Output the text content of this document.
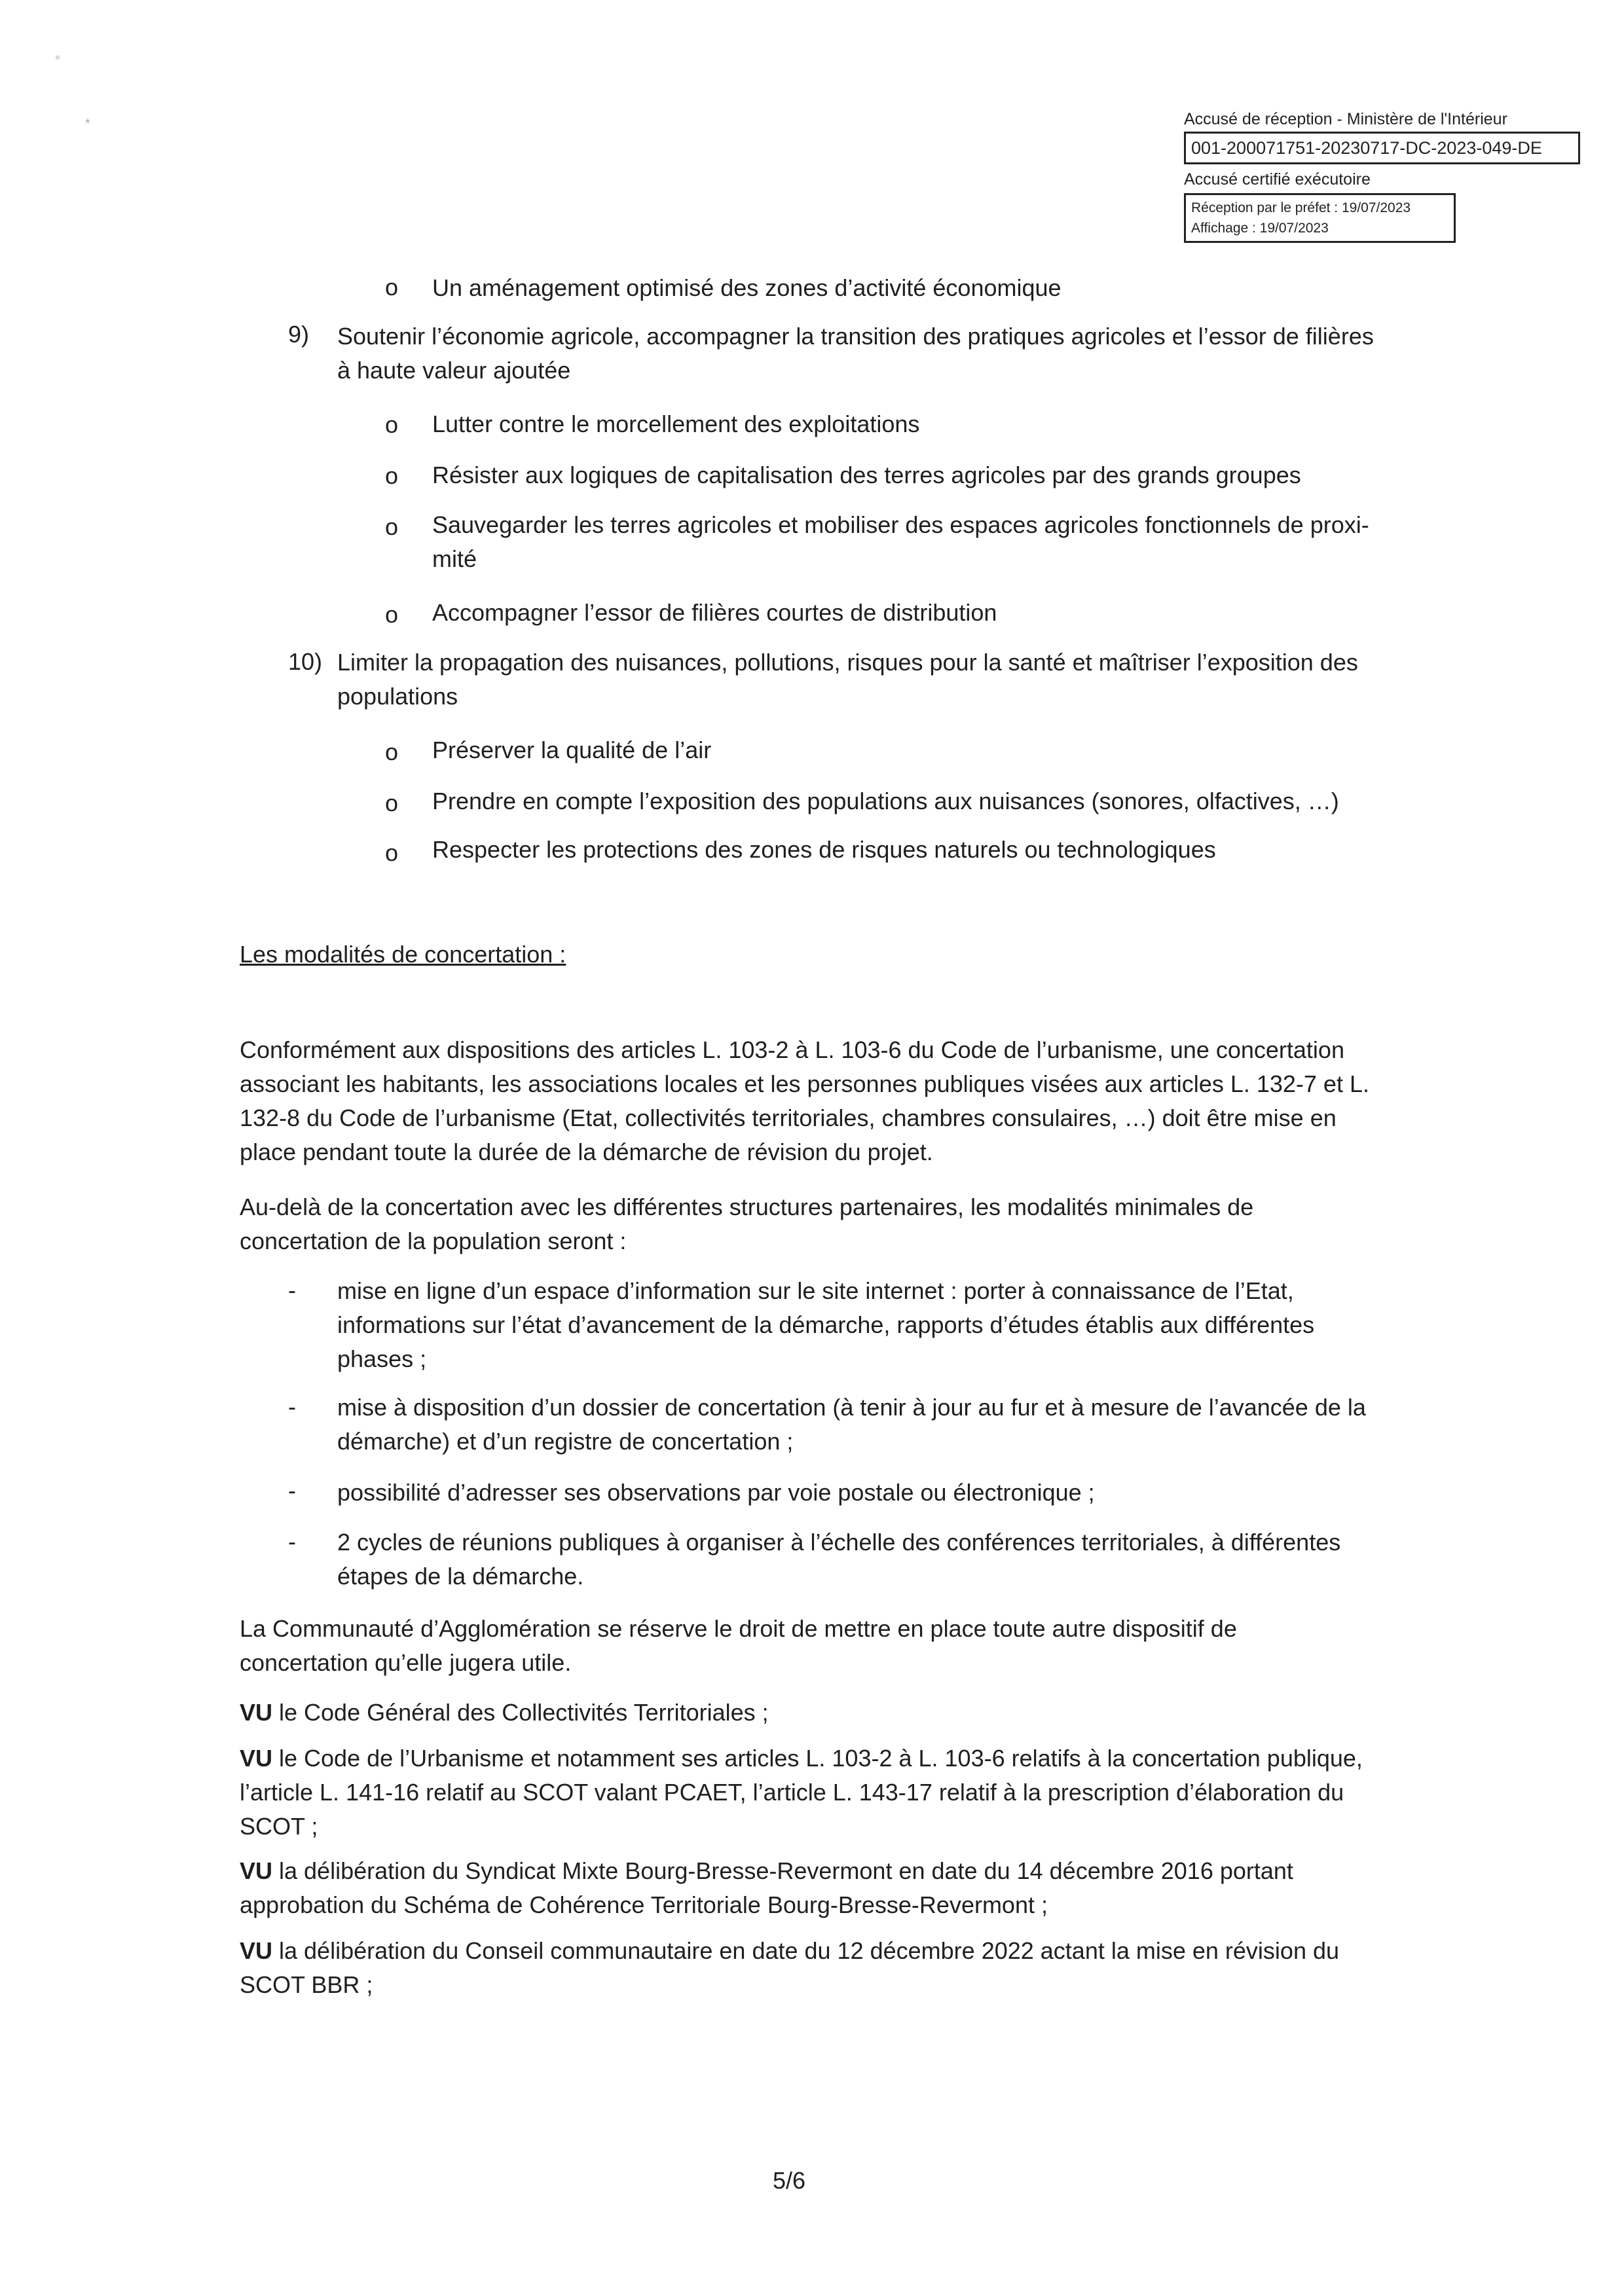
°
*	Accusé de réception - Ministère de l'Intérieur
001-200071751-20230717-DC-2023-049-DE
Accusé certifié exécutoire
Réception par le préfet : 19/07/2023
Affichage : 19/07/2023
o Un aménagement optimisé des zones d’activité économique
9) Soutenir l’économie agricole, accompagner la transition des pratiques agricoles et l’essor de filières
à haute valeur ajoutée
o Lutter contre le morcellement des exploitations
o Résister aux logiques de capitalisation des terres agricoles par des grands groupes
o Sauvegarder les terres agricoles et mobiliser des espaces agricoles fonctionnels de proxi-
mité
o Accompagner l’essor de filières courtes de distribution
10) Limiter la propagation des nuisances, pollutions, risques pour la santé et maîtriser l’exposition des
populations
o Préserver la qualité de l’air
o Prendre en compte l’exposition des populations aux nuisances (sonores, olfactives, …)
o Respecter les protections des zones de risques naturels ou technologiques
Les modalités de concertation :
Conformément aux dispositions des articles L. 103-2 à L. 103-6 du Code de l’urbanisme, une concertation
associant les habitants, les associations locales et les personnes publiques visées aux articles L. 132-7 et L.
132-8 du Code de l’urbanisme (Etat, collectivités territoriales, chambres consulaires, …) doit être mise en
place pendant toute la durée de la démarche de révision du projet.
Au-delà de la concertation avec les différentes structures partenaires, les modalités minimales de
concertation de la population seront :
- mise en ligne d’un espace d’information sur le site internet : porter à connaissance de l’Etat,
informations sur l’état d’avancement de la démarche, rapports d’études établis aux différentes
phases ;
- mise à disposition d’un dossier de concertation (à tenir à jour au fur et à mesure de l’avancée de la
démarche) et d’un registre de concertation ;
- possibilité d’adresser ses observations par voie postale ou électronique ;
- 2 cycles de réunions publiques à organiser à l’échelle des conférences territoriales, à différentes
étapes de la démarche.
La Communauté d’Agglomération se réserve le droit de mettre en place toute autre dispositif de
concertation qu’elle jugera utile.
VU le Code Général des Collectivités Territoriales ;
VU le Code de l’Urbanisme et notamment ses articles L. 103-2 à L. 103-6 relatifs à la concertation publique,
l’article L. 141-16 relatif au SCOT valant PCAET, l’article L. 143-17 relatif à la prescription d’élaboration du
SCOT ;
VU la délibération du Syndicat Mixte Bourg-Bresse-Revermont en date du 14 décembre 2016 portant
approbation du Schéma de Cohérence Territoriale Bourg-Bresse-Revermont ;
VU la délibération du Conseil communautaire en date du 12 décembre 2022 actant la mise en révision du
SCOT BBR ;
5/6
